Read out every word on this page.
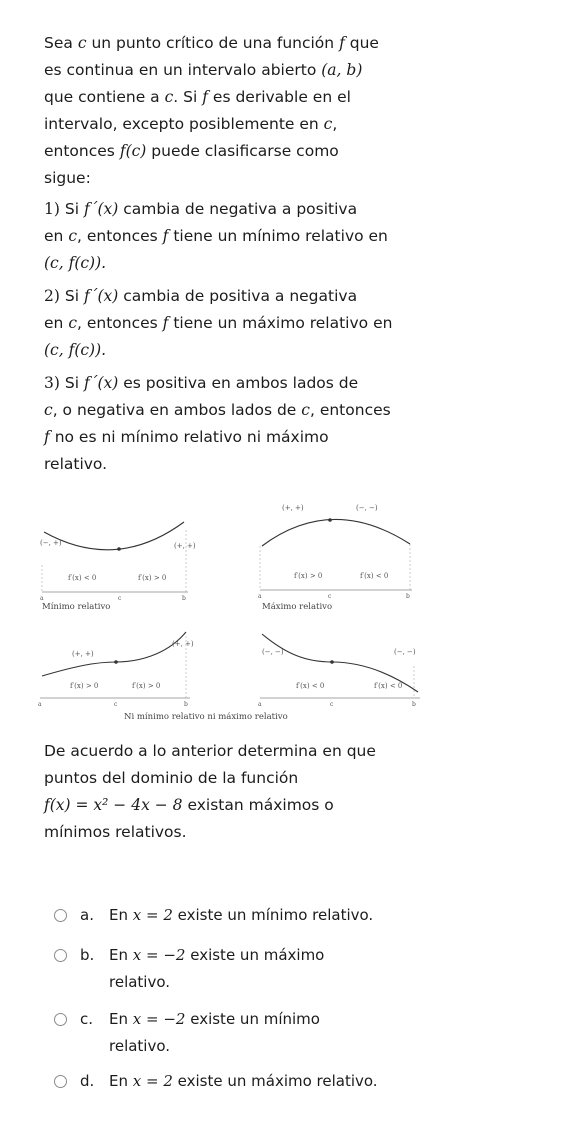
Sea c un punto crítico de una función f que
es continua en un intervalo abierto (a, b)
que contiene a c. Si f es derivable en el
intervalo, excepto posiblemente en c,
entonces f(c) puede clasificarse como
sigue:

1) Si f´(x) cambia de negativa a positiva
en c, entonces f tiene un mínimo relativo en
(c, f(c)).

2) Si f´(x) cambia de positiva a negativa
en c, entonces f tiene un máximo relativo en
(c, f(c)).

3) Si f´(x) es positiva en ambos lados de
c, o negativa en ambos lados de c, entonces
f no es ni mínimo relativo ni máximo
relativo.

(−, +)	(+, +)
f′(x) < 0	f′(x) > 0
a	c	b
Mínimo relativo
(+, +)	(−, −)
f′(x) > 0	f′(x) < 0
a	c	b
Máximo relativo
(+, +)
(+, +)
f′(x) > 0	f′(x) > 0
a	c	b
(−, −)	(−, −)
f′(x) < 0	f′(x) < 0
a	c	b
Ni mínimo relativo ni máximo relativo

De acuerdo a lo anterior determina en que
puntos del dominio de la función
f(x) = x² − 4x − 8 existan máximos o
mínimos relativos.

a. En x = 2 existe un mínimo relativo.
b. En x = −2 existe un máximo
relativo.
c. En x = −2 existe un mínimo
relativo.
d. En x = 2 existe un máximo relativo.
